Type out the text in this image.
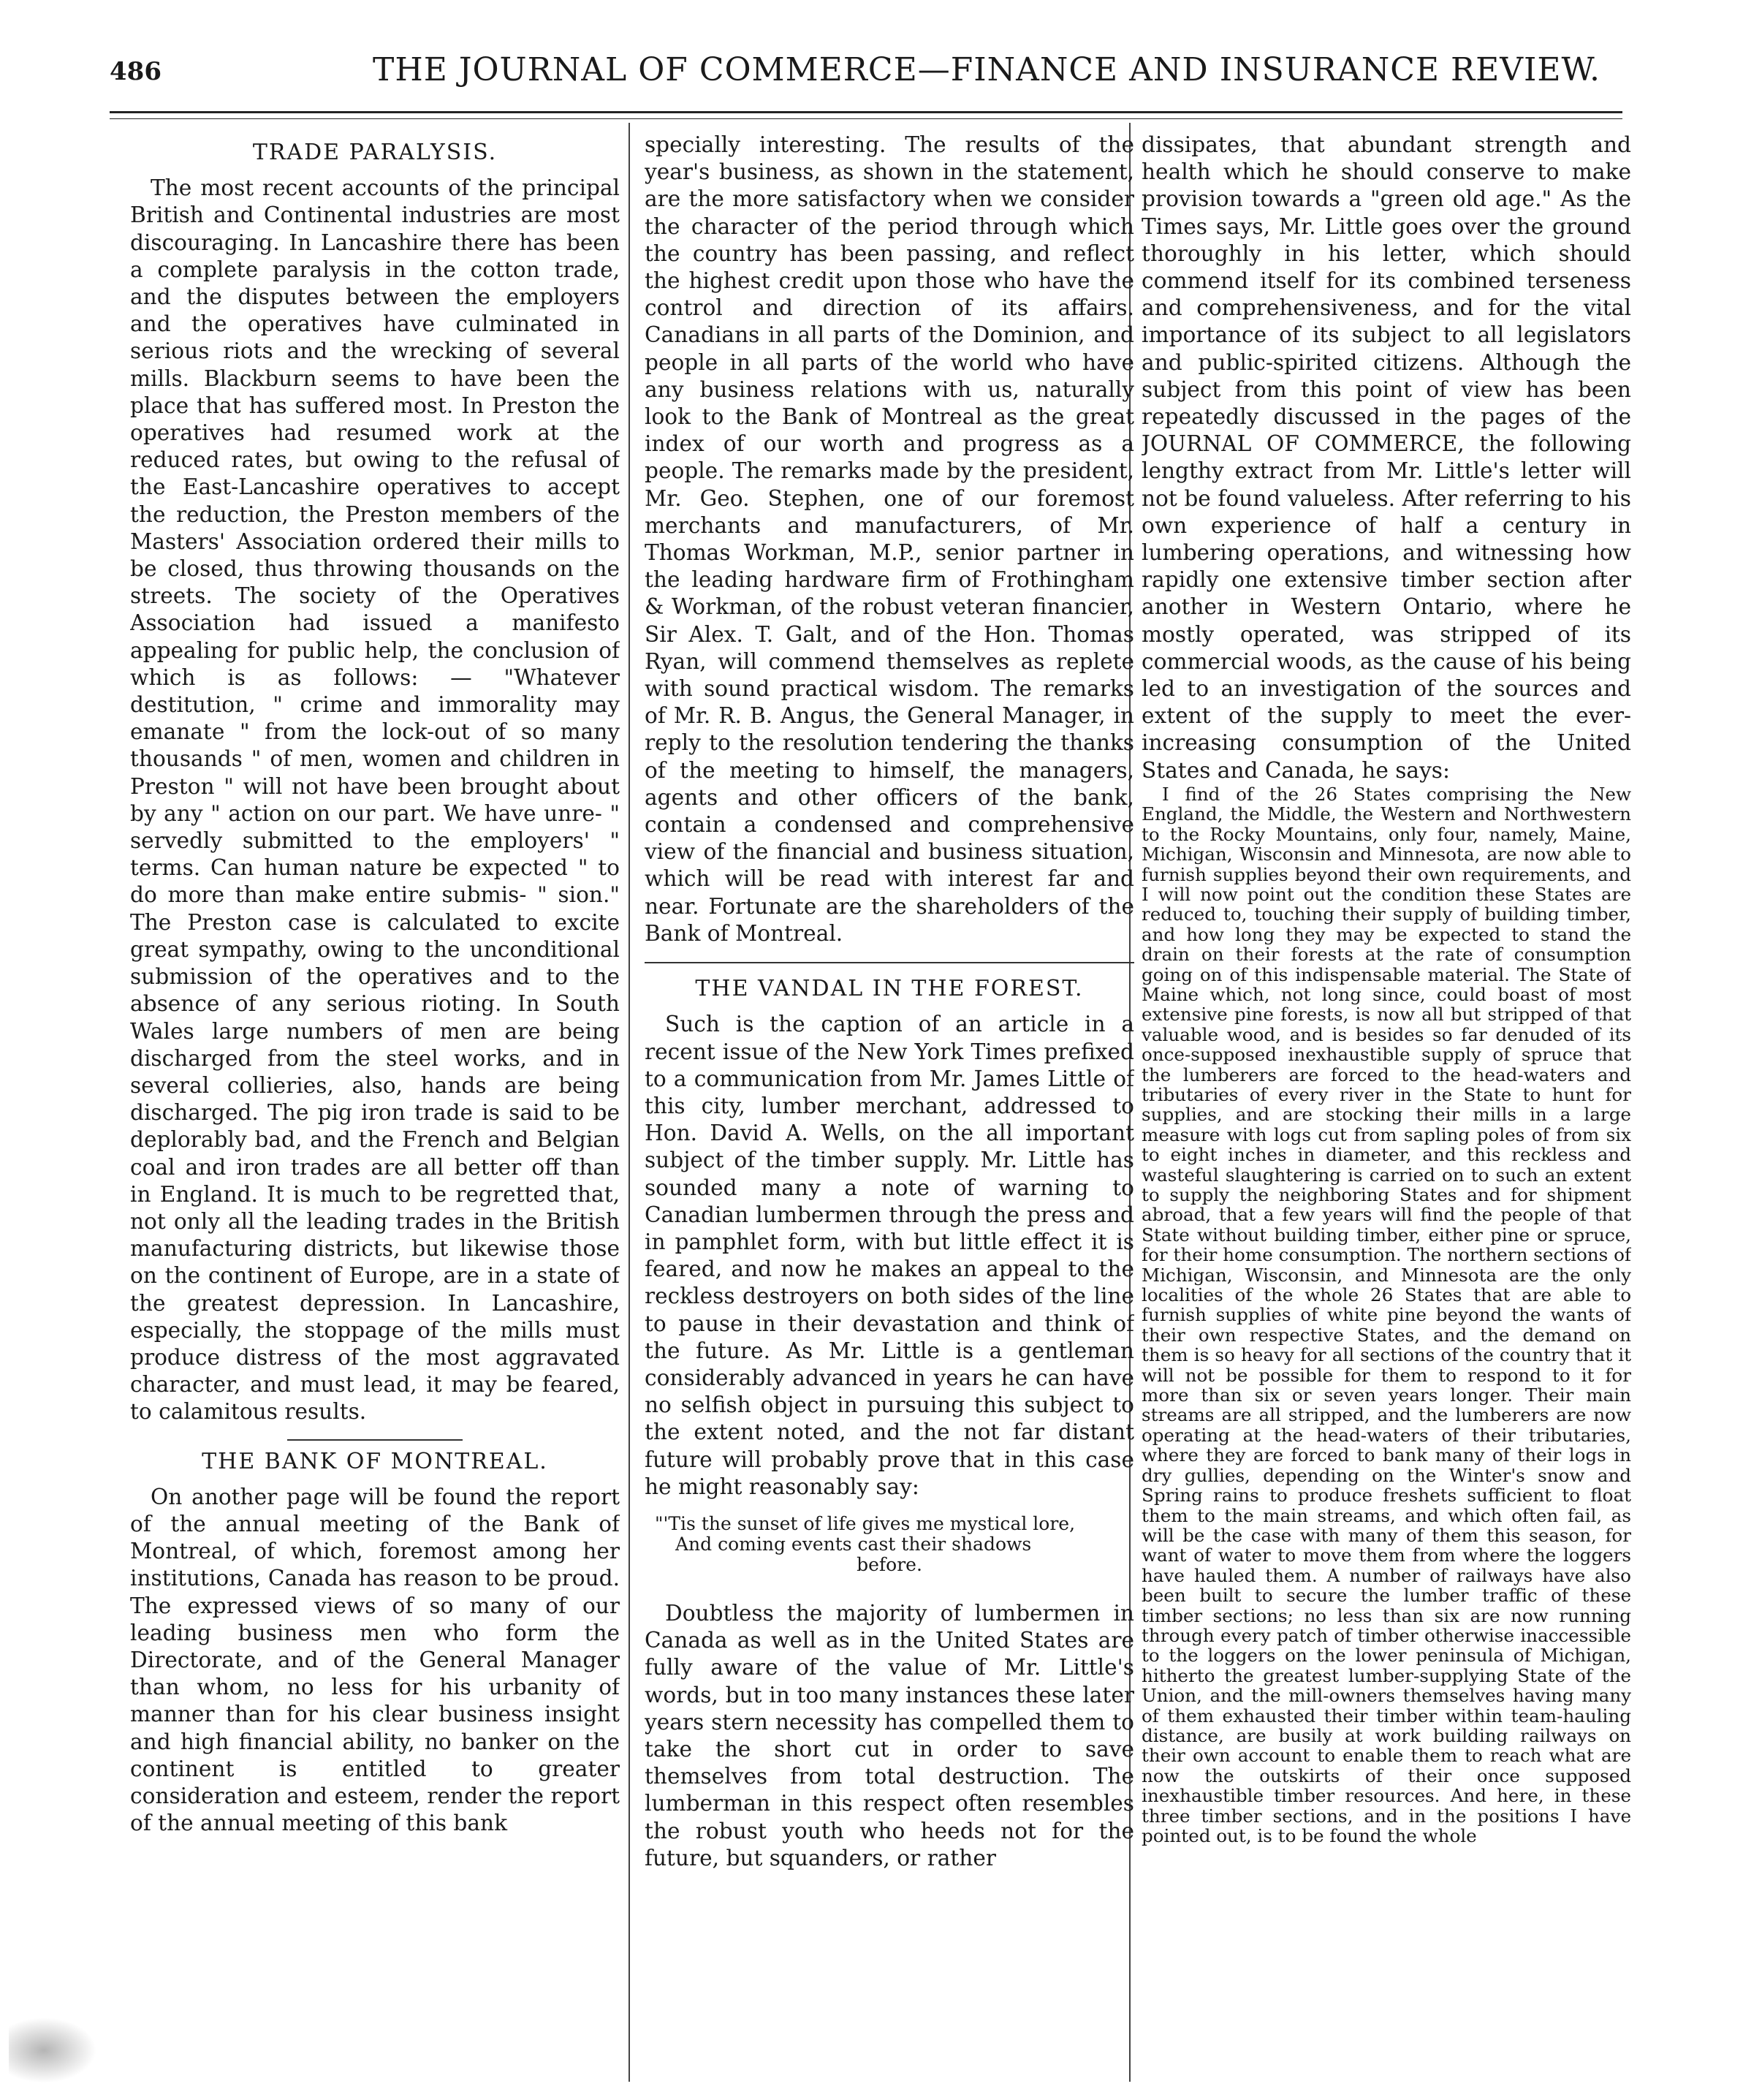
486	THE JOURNAL OF COMMERCE—FINANCE AND INSURANCE REVIEW.
TRADE PARALYSIS.

The most recent accounts of the principal British and Continental industries are most discouraging. In Lancashire there has been a complete paralysis in the cotton trade, and the disputes between the employers and the operatives have culminated in serious riots and the wrecking of several mills. Blackburn seems to have been the place that has suffered most. In Preston the operatives had resumed work at the reduced rates, but owing to the refusal of the East-Lancashire operatives to accept the reduction, the Preston members of the Masters' Association ordered their mills to be closed, thus throwing thousands on the streets. The society of the Operatives Association had issued a manifesto appealing for public help, the conclusion of which is as follows: — "Whatever destitution, " crime and immorality may emanate " from the lock-out of so many thousands " of men, women and children in Preston " will not have been brought about by any " action on our part. We have unre- " servedly submitted to the employers' " terms. Can human nature be expected " to do more than make entire submis- " sion." The Preston case is calculated to excite great sympathy, owing to the unconditional submission of the operatives and to the absence of any serious rioting. In South Wales large numbers of men are being discharged from the steel works, and in several collieries, also, hands are being discharged. The pig iron trade is said to be deplorably bad, and the French and Belgian coal and iron trades are all better off than in England. It is much to be regretted that, not only all the leading trades in the British manufacturing districts, but likewise those on the continent of Europe, are in a state of the greatest depression. In Lancashire, especially, the stoppage of the mills must produce distress of the most aggravated character, and must lead, it may be feared, to calamitous results.

THE BANK OF MONTREAL.

On another page will be found the report of the annual meeting of the Bank of Montreal, of which, foremost among her institutions, Canada has reason to be proud. The expressed views of so many of our leading business men who form the Directorate, and of the General Manager than whom, no less for his urbanity of manner than for his clear business insight and high financial ability, no banker on the continent is entitled to greater consideration and esteem, render the report of the annual meeting of this bank

specially interesting. The results of the year's business, as shown in the statement, are the more satisfactory when we consider the character of the period through which the country has been passing, and reflect the highest credit upon those who have the control and direction of its affairs. Canadians in all parts of the Dominion, and people in all parts of the world who have any business relations with us, naturally look to the Bank of Montreal as the great index of our worth and progress as a people. The remarks made by the president, Mr. Geo. Stephen, one of our foremost merchants and manufacturers, of Mr. Thomas Workman, M.P., senior partner in the leading hardware firm of Frothingham & Workman, of the robust veteran financier, Sir Alex. T. Galt, and of the Hon. Thomas Ryan, will commend themselves as replete with sound practical wisdom. The remarks of Mr. R. B. Angus, the General Manager, in reply to the resolution tendering the thanks of the meeting to himself, the managers, agents and other officers of the bank, contain a condensed and comprehensive view of the financial and business situation, which will be read with interest far and near. Fortunate are the shareholders of the Bank of Montreal.

THE VANDAL IN THE FOREST.

Such is the caption of an article in a recent issue of the New York Times prefixed to a communication from Mr. James Little of this city, lumber merchant, addressed to Hon. David A. Wells, on the all important subject of the timber supply. Mr. Little has sounded many a note of warning to Canadian lumbermen through the press and in pamphlet form, with but little effect it is feared, and now he makes an appeal to the reckless destroyers on both sides of the line to pause in their devastation and think of the future. As Mr. Little is a gentleman considerably advanced in years he can have no selfish object in pursuing this subject to the extent noted, and the not far distant future will probably prove that in this case he might reasonably say:

"'Tis the sunset of life gives me mystical lore,
And coming events cast their shadows
before.

Doubtless the majority of lumbermen in Canada as well as in the United States are fully aware of the value of Mr. Little's words, but in too many instances these later years stern necessity has compelled them to take the short cut in order to save themselves from total destruction. The lumberman in this respect often resembles the robust youth who heeds not for the future, but squanders, or rather

dissipates, that abundant strength and health which he should conserve to make provision towards a "green old age." As the Times says, Mr. Little goes over the ground thoroughly in his letter, which should commend itself for its combined terseness and comprehensiveness, and for the vital importance of its subject to all legislators and public-spirited citizens. Although the subject from this point of view has been repeatedly discussed in the pages of the JOURNAL OF COMMERCE, the following lengthy extract from Mr. Little's letter will not be found valueless. After referring to his own experience of half a century in lumbering operations, and witnessing how rapidly one extensive timber section after another in Western Ontario, where he mostly operated, was stripped of its commercial woods, as the cause of his being led to an investigation of the sources and extent of the supply to meet the ever-increasing consumption of the United States and Canada, he says:

I find of the 26 States comprising the New England, the Middle, the Western and Northwestern to the Rocky Mountains, only four, namely, Maine, Michigan, Wisconsin and Minnesota, are now able to furnish supplies beyond their own requirements, and I will now point out the condition these States are reduced to, touching their supply of building timber, and how long they may be expected to stand the drain on their forests at the rate of consumption going on of this indispensable material. The State of Maine which, not long since, could boast of most extensive pine forests, is now all but stripped of that valuable wood, and is besides so far denuded of its once-supposed inexhaustible supply of spruce that the lumberers are forced to the head-waters and tributaries of every river in the State to hunt for supplies, and are stocking their mills in a large measure with logs cut from sapling poles of from six to eight inches in diameter, and this reckless and wasteful slaughtering is carried on to such an extent to supply the neighboring States and for shipment abroad, that a few years will find the people of that State without building timber, either pine or spruce, for their home consumption. The northern sections of Michigan, Wisconsin, and Minnesota are the only localities of the whole 26 States that are able to furnish supplies of white pine beyond the wants of their own respective States, and the demand on them is so heavy for all sections of the country that it will not be possible for them to respond to it for more than six or seven years longer. Their main streams are all stripped, and the lumberers are now operating at the head-waters of their tributaries, where they are forced to bank many of their logs in dry gullies, depending on the Winter's snow and Spring rains to produce freshets sufficient to float them to the main streams, and which often fail, as will be the case with many of them this season, for want of water to move them from where the loggers have hauled them. A number of railways have also been built to secure the lumber traffic of these timber sections; no less than six are now running through every patch of timber otherwise inaccessible to the loggers on the lower peninsula of Michigan, hitherto the greatest lumber-supplying State of the Union, and the mill-owners themselves having many of them exhausted their timber within team-hauling distance, are busily at work building railways on their own account to enable them to reach what are now the outskirts of their once supposed inexhaustible timber resources. And here, in these three timber sections, and in the positions I have pointed out, is to be found the whole
